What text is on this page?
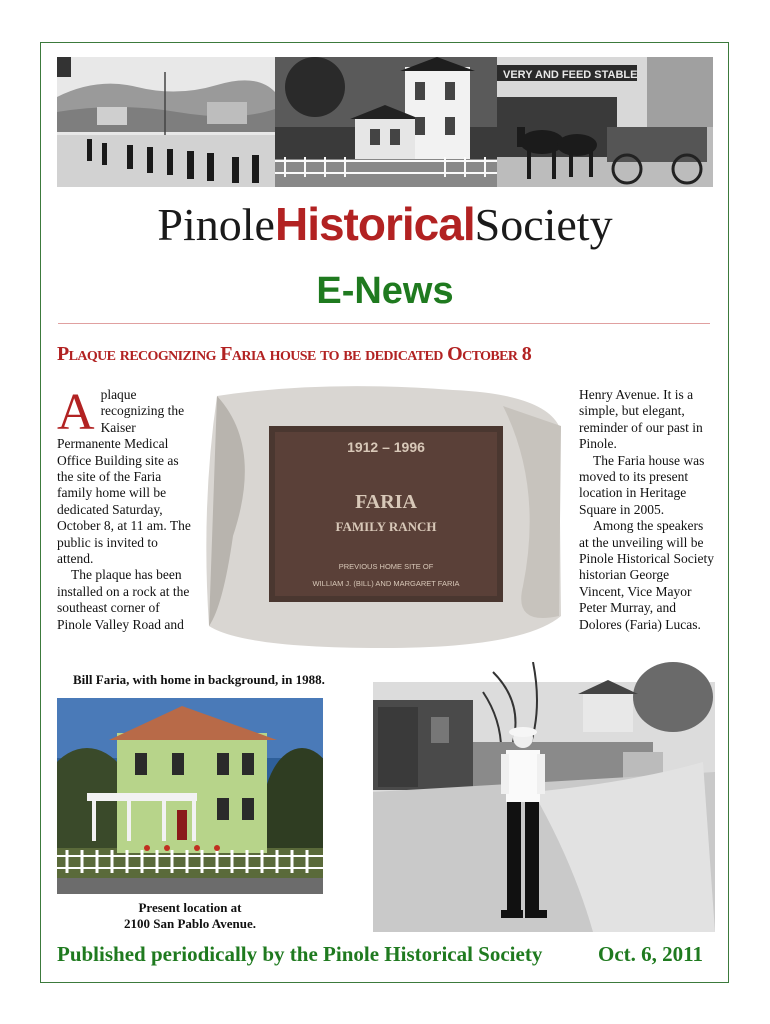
VERY AND FEED STABLE
PinoleHistoricalSociety
E-News
Plaque recognizing Faria house to be dedicated October 8
A plaque recognizing the Kaiser Permanente Medical Office Building site as the site of the Faria family home will be dedicated Saturday, October 8, at 11 am. The public is invited to attend.

The plaque has been installed on a rock at the southeast corner of Pinole Valley Road and

1912 – 1996
FARIA
FAMILY RANCH
PREVIOUS HOME SITE OF
WILLIAM J. (BILL) AND MARGARET FARIA

Henry Avenue. It is a simple, but elegant, reminder of our past in Pinole.

The Faria house was moved to its present location in Heritage Square in 2005.

Among the speakers at the unveiling will be Pinole Historical Society historian George Vincent, Vice Mayor Peter Murray, and Dolores (Faria) Lucas.

Bill Faria, with home in background, in 1988.
Present location at
2100 San Pablo Avenue.
Published periodically by the Pinole Historical Society	Oct. 6, 2011
